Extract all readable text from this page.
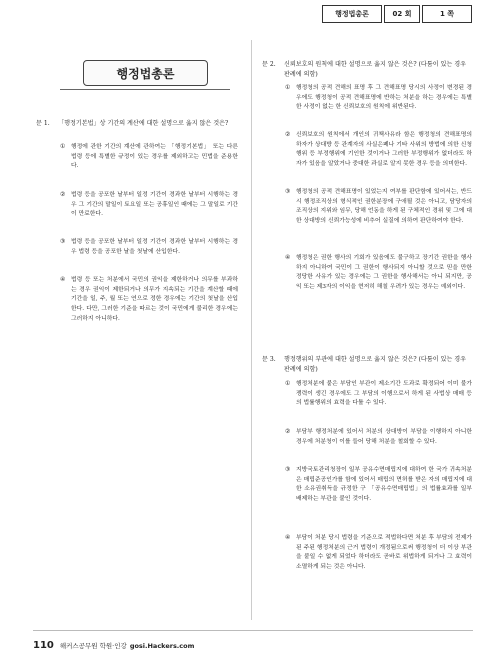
행정법총론	02 회	1 쪽
행정법총론
문 1. 「행정기본법」상 기간의 계산에 대한 설명으로 옳지 않은 것은?
① 행정에 관한 기간의 계산에 관하여는 「행정기본법」 또는 다른 법령 등에 특별한 규정이 있는 경우를 제외하고는 민법을 준용한다.
② 법령 등을 공포한 날부터 일정 기간이 경과한 날부터 시행하는 경우 그 기간의 말일이 토요일 또는 공휴일인 때에는 그 말일로 기간이 만료한다.
③ 법령 등을 공포한 날부터 일정 기간이 경과한 날부터 시행하는 경우 법령 등을 공포한 날을 첫날에 산입한다.
④ 법령 등 또는 처분에서 국민의 권익을 제한하거나 의무를 부과하는 경우 권익이 제한되거나 의무가 지속되는 기간을 계산할 때에 기간을 일, 주, 월 또는 연으로 정한 경우에는 기간의 첫날을 산입한다. 다만, 그러한 기준을 따르는 것이 국민에게 불리한 경우에는 그러하지 아니하다.
문 2. 신뢰보호의 원칙에 대한 설명으로 옳지 않은 것은? (다툼이 있는 경우 판례에 의함)
① 행정청의 공적 견해의 표명 후 그 견해표명 당시의 사정이 변경된 경우에도 행정청이 공적 견해표명에 반하는 처분을 하는 경우에는 특별한 사정이 없는 한 신뢰보호의 원칙에 위반된다.
② 신뢰보호의 원칙에서 개인의 귀책사유라 함은 행정청의 견해표명의 하자가 상대방 등 관계자의 사실은폐나 기타 사위의 방법에 의한 신청행위 등 부정행위에 기인한 것이거나 그러한 부정행위가 없더라도 하자가 있음을 알았거나 중대한 과실로 알지 못한 경우 등을 의미한다.
③ 행정청의 공적 견해표명이 있었는지 여부를 판단함에 있어서는, 반드시 행정조직상의 형식적인 권한분장에 구애될 것은 아니고, 담당자의 조직상의 지위와 임무, 당해 언동을 하게 된 구체적인 경위 및 그에 대한 상대방의 신뢰가능성에 비추어 실질에 의하여 판단하여야 한다.
④ 행정청은 권한 행사의 기회가 있음에도 불구하고 장기간 권한을 행사하지 아니하여 국민이 그 권한이 행사되지 아니할 것으로 믿을 만한 정당한 사유가 있는 경우에는 그 권한을 행사해서는 아니 되지만, 공익 또는 제3자의 이익을 현저히 해칠 우려가 있는 경우는 예외이다.
문 3. 행정행위의 부관에 대한 설명으로 옳지 않은 것은? (다툼이 있는 경우 판례에 의함)
① 행정처분에 붙은 부담인 부관이 제소기간 도과로 확정되어 이미 불가쟁력이 생긴 경우에도 그 부담의 이행으로서 하게 된 사법상 매매 등의 법률행위의 효력을 다툴 수 있다.
② 부담부 행정처분에 있어서 처분의 상대방이 부담을 이행하지 아니한 경우에 처분청이 이를 들어 당해 처분을 철회할 수 있다.
③ 지방국토관리청장이 일부 공유수면매립지에 대하여 한 국가 귀속처분은 매립준공인가를 함에 있어서 매립의 면허를 받은 자의 매립지에 대한 소유권취득을 규정한 구 「공유수면매립법」의 법률효과를 일부 배제하는 부관을 붙인 것이다.
④ 부담이 처분 당시 법령을 기준으로 적법하다면 처분 후 부담의 전제가 된 주된 행정처분의 근거 법령이 개정됨으로써 행정청이 더 이상 부관을 붙일 수 없게 되었다 하더라도 곧바로 위법하게 되거나 그 효력이 소멸하게 되는 것은 아니다.
110 해커스공무원 학원·인강 gosi.Hackers.com
